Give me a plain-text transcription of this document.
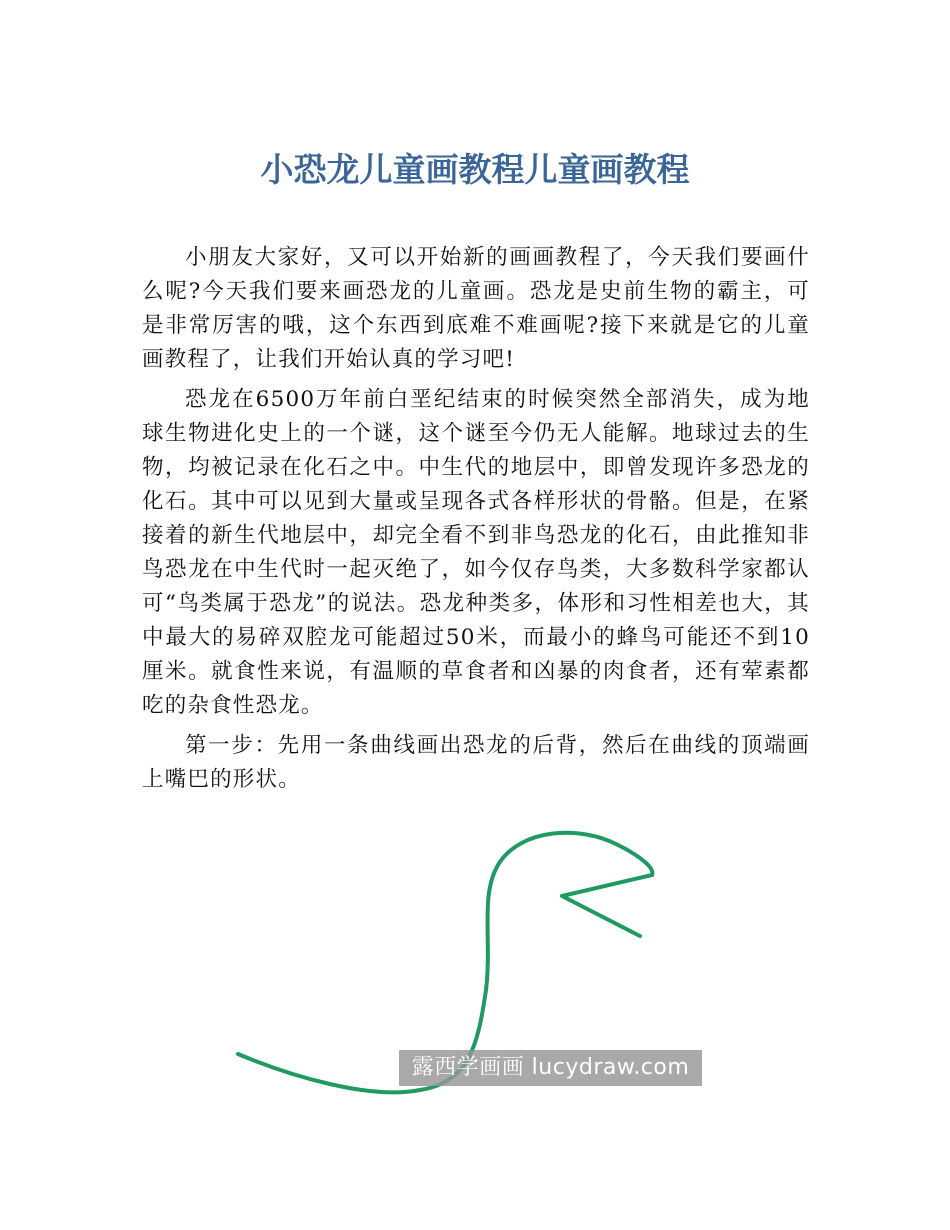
小恐龙儿童画教程儿童画教程

小朋友大家好，又可以开始新的画画教程了，今天我们要画什么呢?今天我们要来画恐龙的儿童画。恐龙是史前生物的霸主，可是非常厉害的哦，这个东西到底难不难画呢?接下来就是它的儿童画教程了，让我们开始认真的学习吧!

恐龙在6500万年前白垩纪结束的时候突然全部消失，成为地球生物进化史上的一个谜，这个谜至今仍无人能解。地球过去的生物，均被记录在化石之中。中生代的地层中，即曾发现许多恐龙的化石。其中可以见到大量或呈现各式各样形状的骨骼。但是，在紧接着的新生代地层中，却完全看不到非鸟恐龙的化石，由此推知非鸟恐龙在中生代时一起灭绝了，如今仅存鸟类，大多数科学家都认可“鸟类属于恐龙”的说法。恐龙种类多，体形和习性相差也大，其中最大的易碎双腔龙可能超过50米，而最小的蜂鸟可能还不到10厘米。就食性来说，有温顺的草食者和凶暴的肉食者，还有荤素都吃的杂食性恐龙。

第一步：先用一条曲线画出恐龙的后背，然后在曲线的顶端画上嘴巴的形状。

露西学画画 lucydraw.com
